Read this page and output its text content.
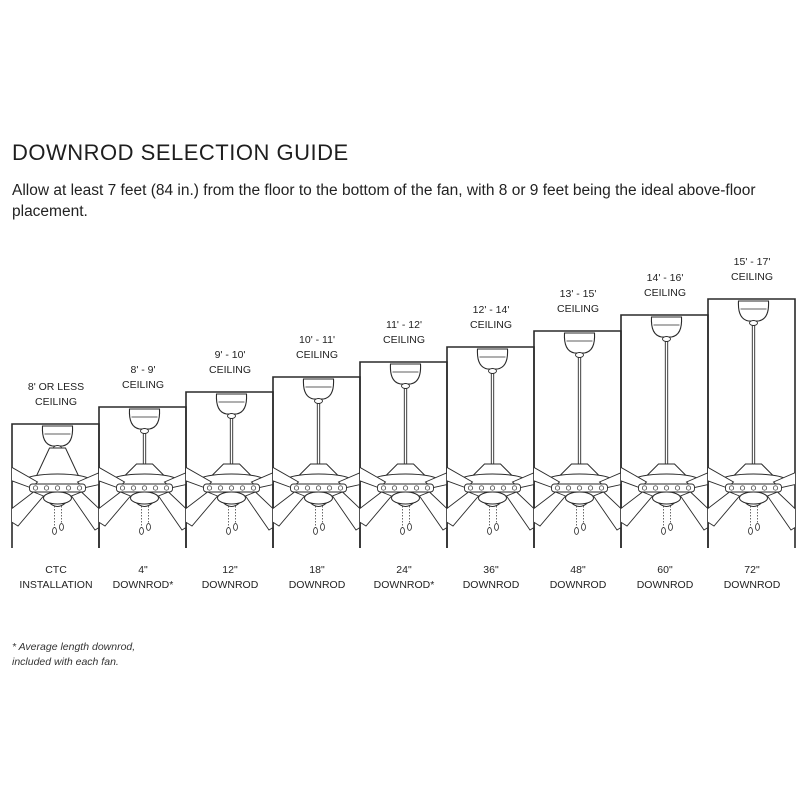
DOWNROD SELECTION GUIDE

Allow at least 7 feet (84 in.) from the floor to the bottom of the fan, with 8 or 9 feet being the ideal above-floor placement.

8' OR LESS
CEILING
CTC
INSTALLATION
8' - 9'
CEILING
4"
DOWNROD*
9' - 10'
CEILING
12"
DOWNROD
10' - 11'
CEILING
18"
DOWNROD
11' - 12'
CEILING
24"
DOWNROD*
12' - 14'
CEILING
36"
DOWNROD
13' - 15'
CEILING
48"
DOWNROD
14' - 16'
CEILING
60"
DOWNROD
15' - 17'
CEILING
72"
DOWNROD
* Average length downrod,
included with each fan.
